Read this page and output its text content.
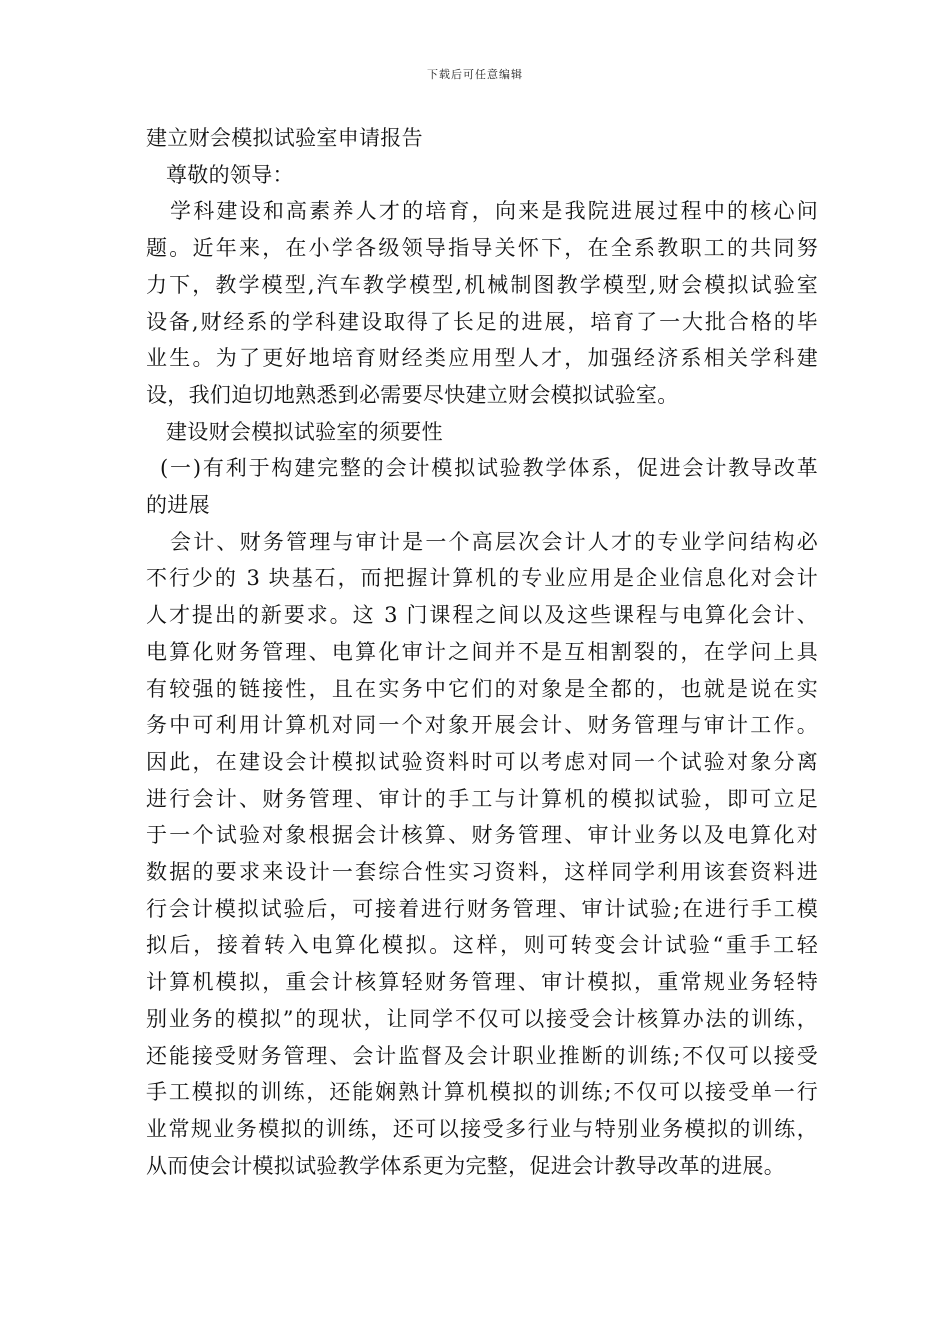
下载后可任意编辑
建立财会模拟试验室申请报告
尊敬的领导：
学科建设和高素养人才的培育，向来是我院进展过程中的核心问
题。近年来，在小学各级领导指导关怀下，在全系教职工的共同努
力下，教学模型,汽车教学模型,机械制图教学模型,财会模拟试验室
设备,财经系的学科建设取得了长足的进展，培育了一大批合格的毕
业生。为了更好地培育财经类应用型人才，加强经济系相关学科建
设，我们迫切地熟悉到必需要尽快建立财会模拟试验室。
建设财会模拟试验室的须要性
(一)有利于构建完整的会计模拟试验教学体系，促进会计教导改革
的进展
会计、财务管理与审计是一个高层次会计人才的专业学问结构必
不行少的 3 块基石，而把握计算机的专业应用是企业信息化对会计
人才提出的新要求。这 3 门课程之间以及这些课程与电算化会计、
电算化财务管理、电算化审计之间并不是互相割裂的，在学问上具
有较强的链接性，且在实务中它们的对象是全都的，也就是说在实
务中可利用计算机对同一个对象开展会计、财务管理与审计工作。
因此，在建设会计模拟试验资料时可以考虑对同一个试验对象分离
进行会计、财务管理、审计的手工与计算机的模拟试验，即可立足
于一个试验对象根据会计核算、财务管理、审计业务以及电算化对
数据的要求来设计一套综合性实习资料，这样同学利用该套资料进
行会计模拟试验后，可接着进行财务管理、审计试验;在进行手工模
拟后，接着转入电算化模拟。这样，则可转变会计试验“重手工轻
计算机模拟，重会计核算轻财务管理、审计模拟，重常规业务轻特
别业务的模拟”的现状，让同学不仅可以接受会计核算办法的训练，
还能接受财务管理、会计监督及会计职业推断的训练;不仅可以接受
手工模拟的训练，还能娴熟计算机模拟的训练;不仅可以接受单一行
业常规业务模拟的训练，还可以接受多行业与特别业务模拟的训练，
从而使会计模拟试验教学体系更为完整，促进会计教导改革的进展。
